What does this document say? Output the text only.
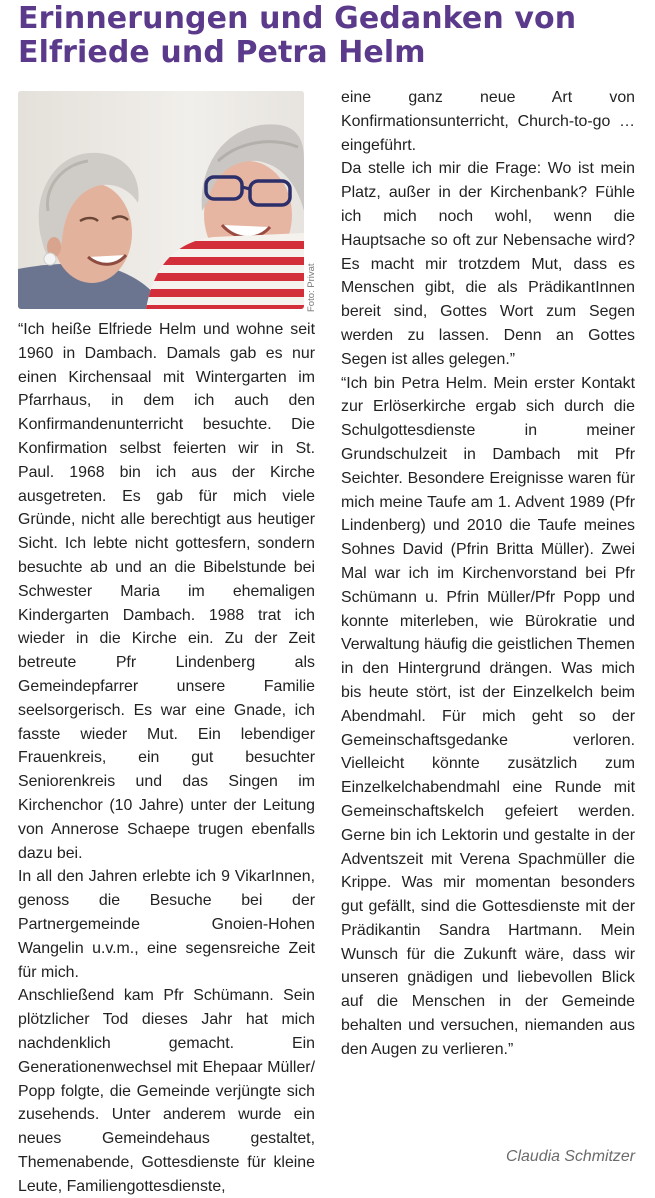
Erinnerungen und Gedanken von Elfriede und Petra Helm
Foto: Privat

“Ich heiße Elfriede Helm und wohne seit 1960 in Dambach. Damals gab es nur einen Kirchensaal mit Wintergarten im Pfarrhaus, in dem ich auch den Konfirmandenunterricht besuchte. Die Konfirmation selbst feierten wir in St. Paul. 1968 bin ich aus der Kirche ausgetreten. Es gab für mich viele Gründe, nicht alle berechtigt aus heutiger Sicht. Ich lebte nicht gottesfern, sondern besuchte ab und an die Bibelstunde bei Schwester Maria im ehemaligen Kindergarten Dambach. 1988 trat ich wieder in die Kirche ein. Zu der Zeit betreute Pfr Lindenberg als Gemeindepfarrer unsere Familie seelsorgerisch. Es war eine Gnade, ich fasste wieder Mut. Ein lebendiger Frauenkreis, ein gut besuchter Seniorenkreis und das Singen im Kirchenchor (10 Jahre) unter der Leitung von Annerose Schaepe trugen ebenfalls dazu bei.

In all den Jahren erlebte ich 9 VikarInnen, genoss die Besuche bei der Partnergemeinde Gnoien-Hohen Wangelin u.v.m., eine segensreiche Zeit für mich.

Anschließend kam Pfr Schümann. Sein plötzlicher Tod dieses Jahr hat mich nachdenklich gemacht. Ein Generationenwechsel mit Ehepaar Müller/ Popp folgte, die Gemeinde verjüngte sich zusehends. Unter anderem wurde ein neues Gemeindehaus gestaltet, Themenabende, Gottesdienste für kleine Leute, Familiengottesdienste,

eine ganz neue Art von Konfirmationsunterricht, Church-to-go … eingeführt.

Da stelle ich mir die Frage: Wo ist mein Platz, außer in der Kirchenbank? Fühle ich mich noch wohl, wenn die Hauptsache so oft zur Nebensache wird? Es macht mir trotzdem Mut, dass es Menschen gibt, die als PrädikantInnen bereit sind, Gottes Wort zum Segen werden zu lassen. Denn an Gottes Segen ist alles gelegen.”

“Ich bin Petra Helm. Mein erster Kontakt zur Erlöserkirche ergab sich durch die Schulgottesdienste in meiner Grundschulzeit in Dambach mit Pfr Seichter. Besondere Ereignisse waren für mich meine Taufe am 1. Advent 1989 (Pfr Lindenberg) und 2010 die Taufe meines Sohnes David (Pfrin Britta Müller). Zwei Mal war ich im Kirchenvorstand bei Pfr Schümann u. Pfrin Müller/Pfr Popp und konnte miterleben, wie Bürokratie und Verwaltung häufig die geistlichen Themen in den Hintergrund drängen. Was mich bis heute stört, ist der Einzelkelch beim Abendmahl. Für mich geht so der Gemeinschaftsgedanke verloren. Vielleicht könnte zusätzlich zum Einzelkelchabendmahl eine Runde mit Gemeinschaftskelch gefeiert werden. Gerne bin ich Lektorin und gestalte in der Adventszeit mit Verena Spachmüller die Krippe. Was mir momentan besonders gut gefällt, sind die Gottesdienste mit der Prädikantin Sandra Hartmann. Mein Wunsch für die Zukunft wäre, dass wir unseren gnädigen und liebevollen Blick auf die Menschen in der Gemeinde behalten und versuchen, niemanden aus den Augen zu verlieren.”

Claudia Schmitzer
